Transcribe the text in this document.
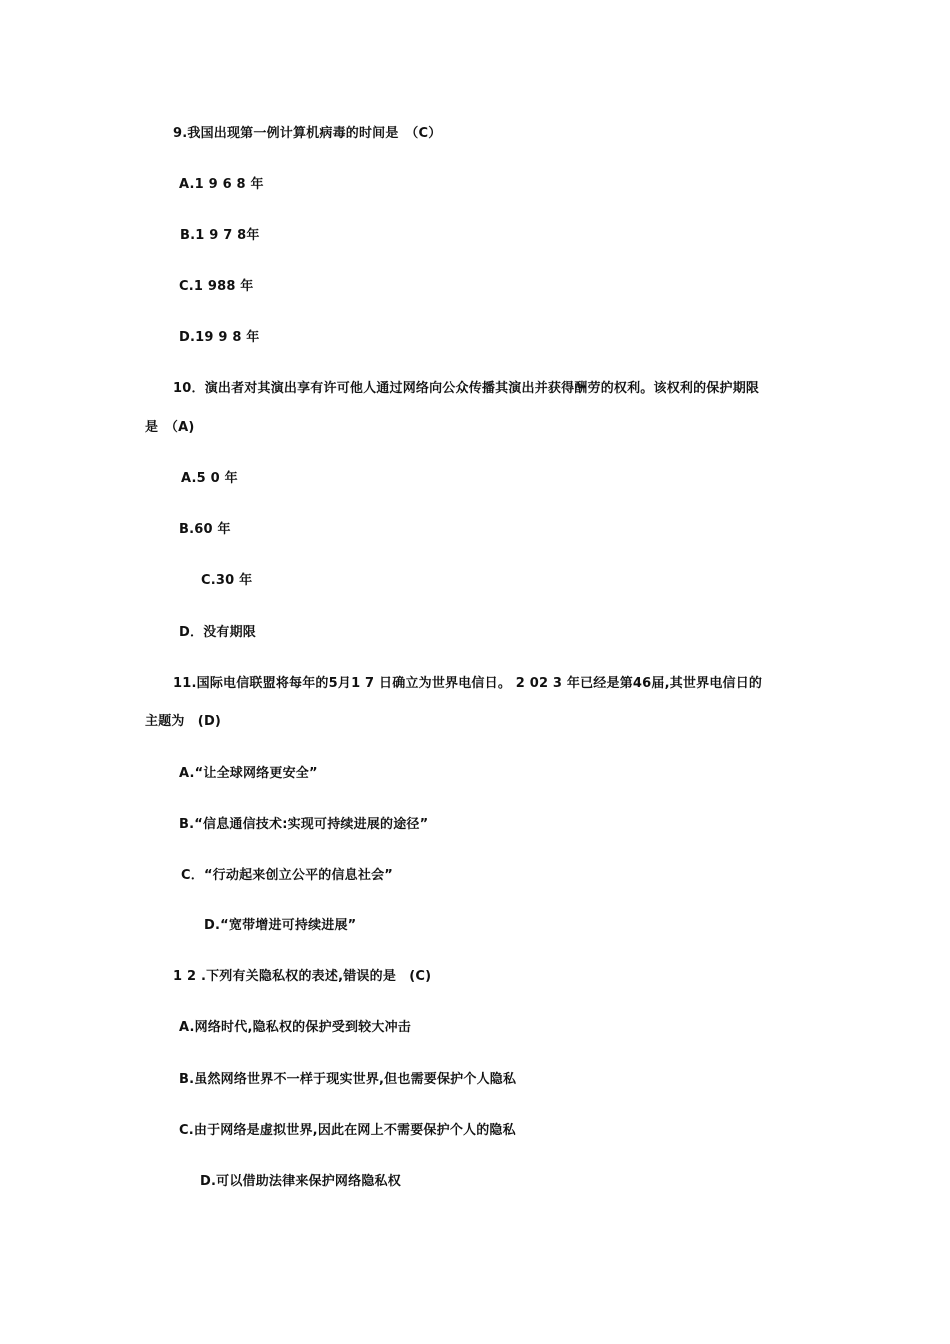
9.我国出现第一例计算机病毒的时间是　（C）
A.1 9 6 8 年
B.1 9 7 8年
C.1 988 年
D.19 9 8 年
10．演出者对其演出享有许可他人通过网络向公众传播其演出并获得酬劳的权利。该权利的保护期限
是　（A)
A.5 0 年
B.60 年
C.30 年
D．没有期限
11.国际电信联盟将每年的5月1 7 日确立为世界电信日。 2 02 3 年已经是第46届,其世界电信日的
主题为　(D)
A.“让全球网络更安全”
B.“信息通信技术:实现可持续进展的途径”
C．“行动起来创立公平的信息社会”
D.“宽带增进可持续进展”
1 2 .下列有关隐私权的表述,错误的是　(C)
A.网络时代,隐私权的保护受到较大冲击
B.虽然网络世界不一样于现实世界,但也需要保护个人隐私
C.由于网络是虚拟世界,因此在网上不需要保护个人的隐私
D.可以借助法律来保护网络隐私权
